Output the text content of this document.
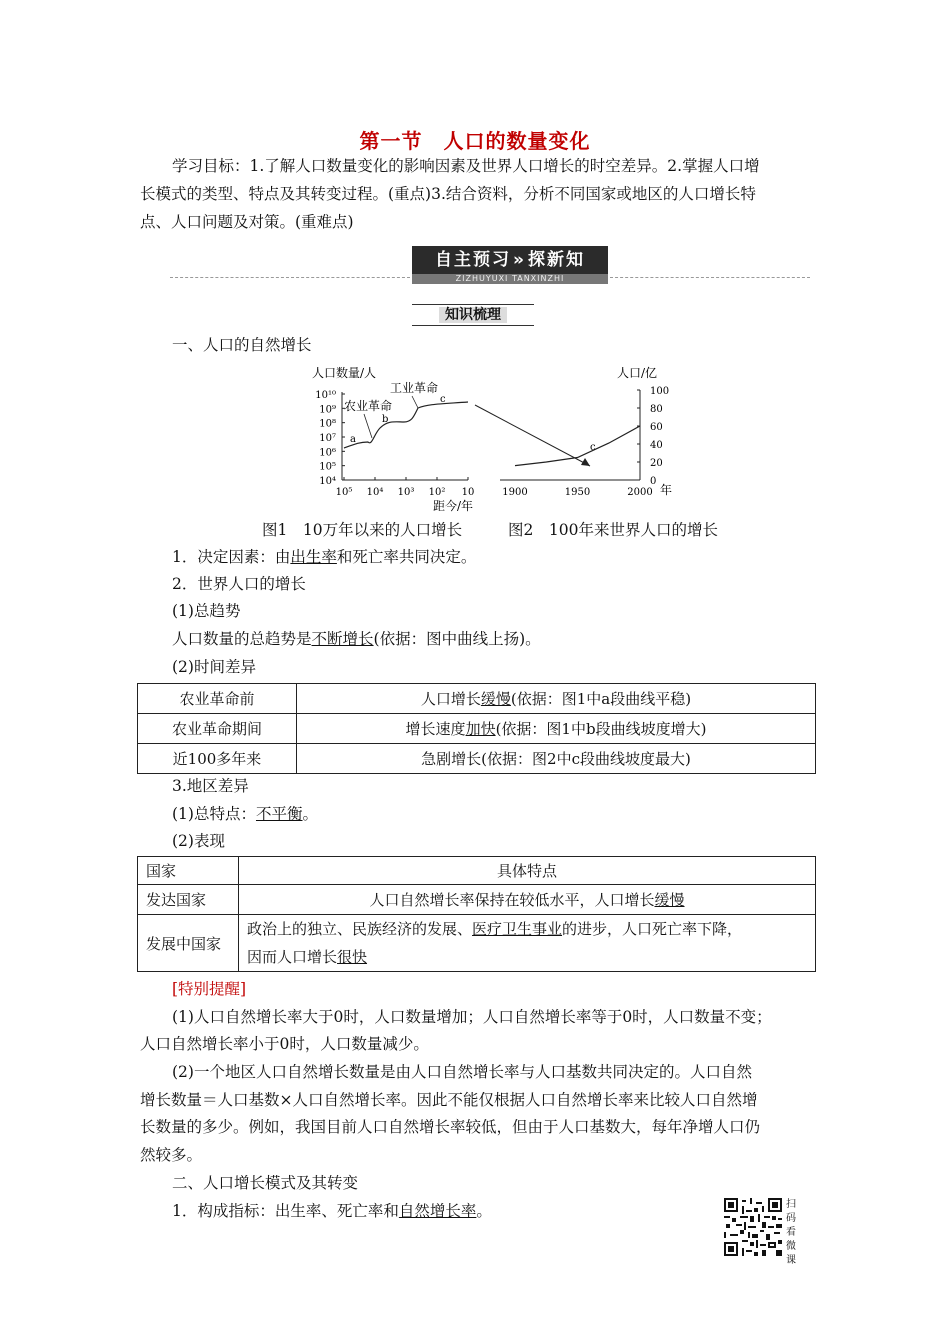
第一节　人口的数量变化
学习目标：1.了解人口数量变化的影响因素及世界人口增长的时空差异。2.掌握人口增
长模式的类型、特点及其转变过程。(重点)3.结合资料，分析不同国家或地区的人口增长特
点、人口问题及对策。(重难点)
自主预习 » 探新知
ZIZHUYUXI TANXINZHI
知识梳理
一、人口的自然增长
人口数量/人
10¹⁰
10⁹
10⁸
10⁷
10⁶
10⁵
10⁴
10⁵ 10⁴ 10³ 10² 10
a
b
c
农业革命
工业革命
距今/年
人口/亿
100
80
60
40
20
0
1900	1950	2000
c
年
图1　10万年以来的人口增长	图2　100年来世界人口的增长
1．决定因素：由出生率和死亡率共同决定。
2．世界人口的增长
(1)总趋势
人口数量的总趋势是不断增长(依据：图中曲线上扬)。
(2)时间差异
农业革命前	人口增长缓慢(依据：图1中a段曲线平稳)
农业革命期间	增长速度加快(依据：图1中b段曲线坡度增大)
近100多年来	急剧增长(依据：图2中c段曲线坡度最大)
3.地区差异
(1)总特点：不平衡。
(2)表现
国家	具体特点
发达国家	人口自然增长率保持在较低水平，人口增长缓慢
发展中国家	政治上的独立、民族经济的发展、医疗卫生事业的进步，人口死亡率下降，
因而人口增长很快
[特别提醒]
(1)人口自然增长率大于0时，人口数量增加；人口自然增长率等于0时，人口数量不变；
人口自然增长率小于0时，人口数量减少。
(2)一个地区人口自然增长数量是由人口自然增长率与人口基数共同决定的。人口自然
增长数量＝人口基数×人口自然增长率。因此不能仅根据人口自然增长率来比较人口自然增
长数量的多少。例如，我国目前人口自然增长率较低，但由于人口基数大，每年净增人口仍
然较多。
二、人口增长模式及其转变
1．构成指标：出生率、死亡率和自然增长率。	扫码看微课
